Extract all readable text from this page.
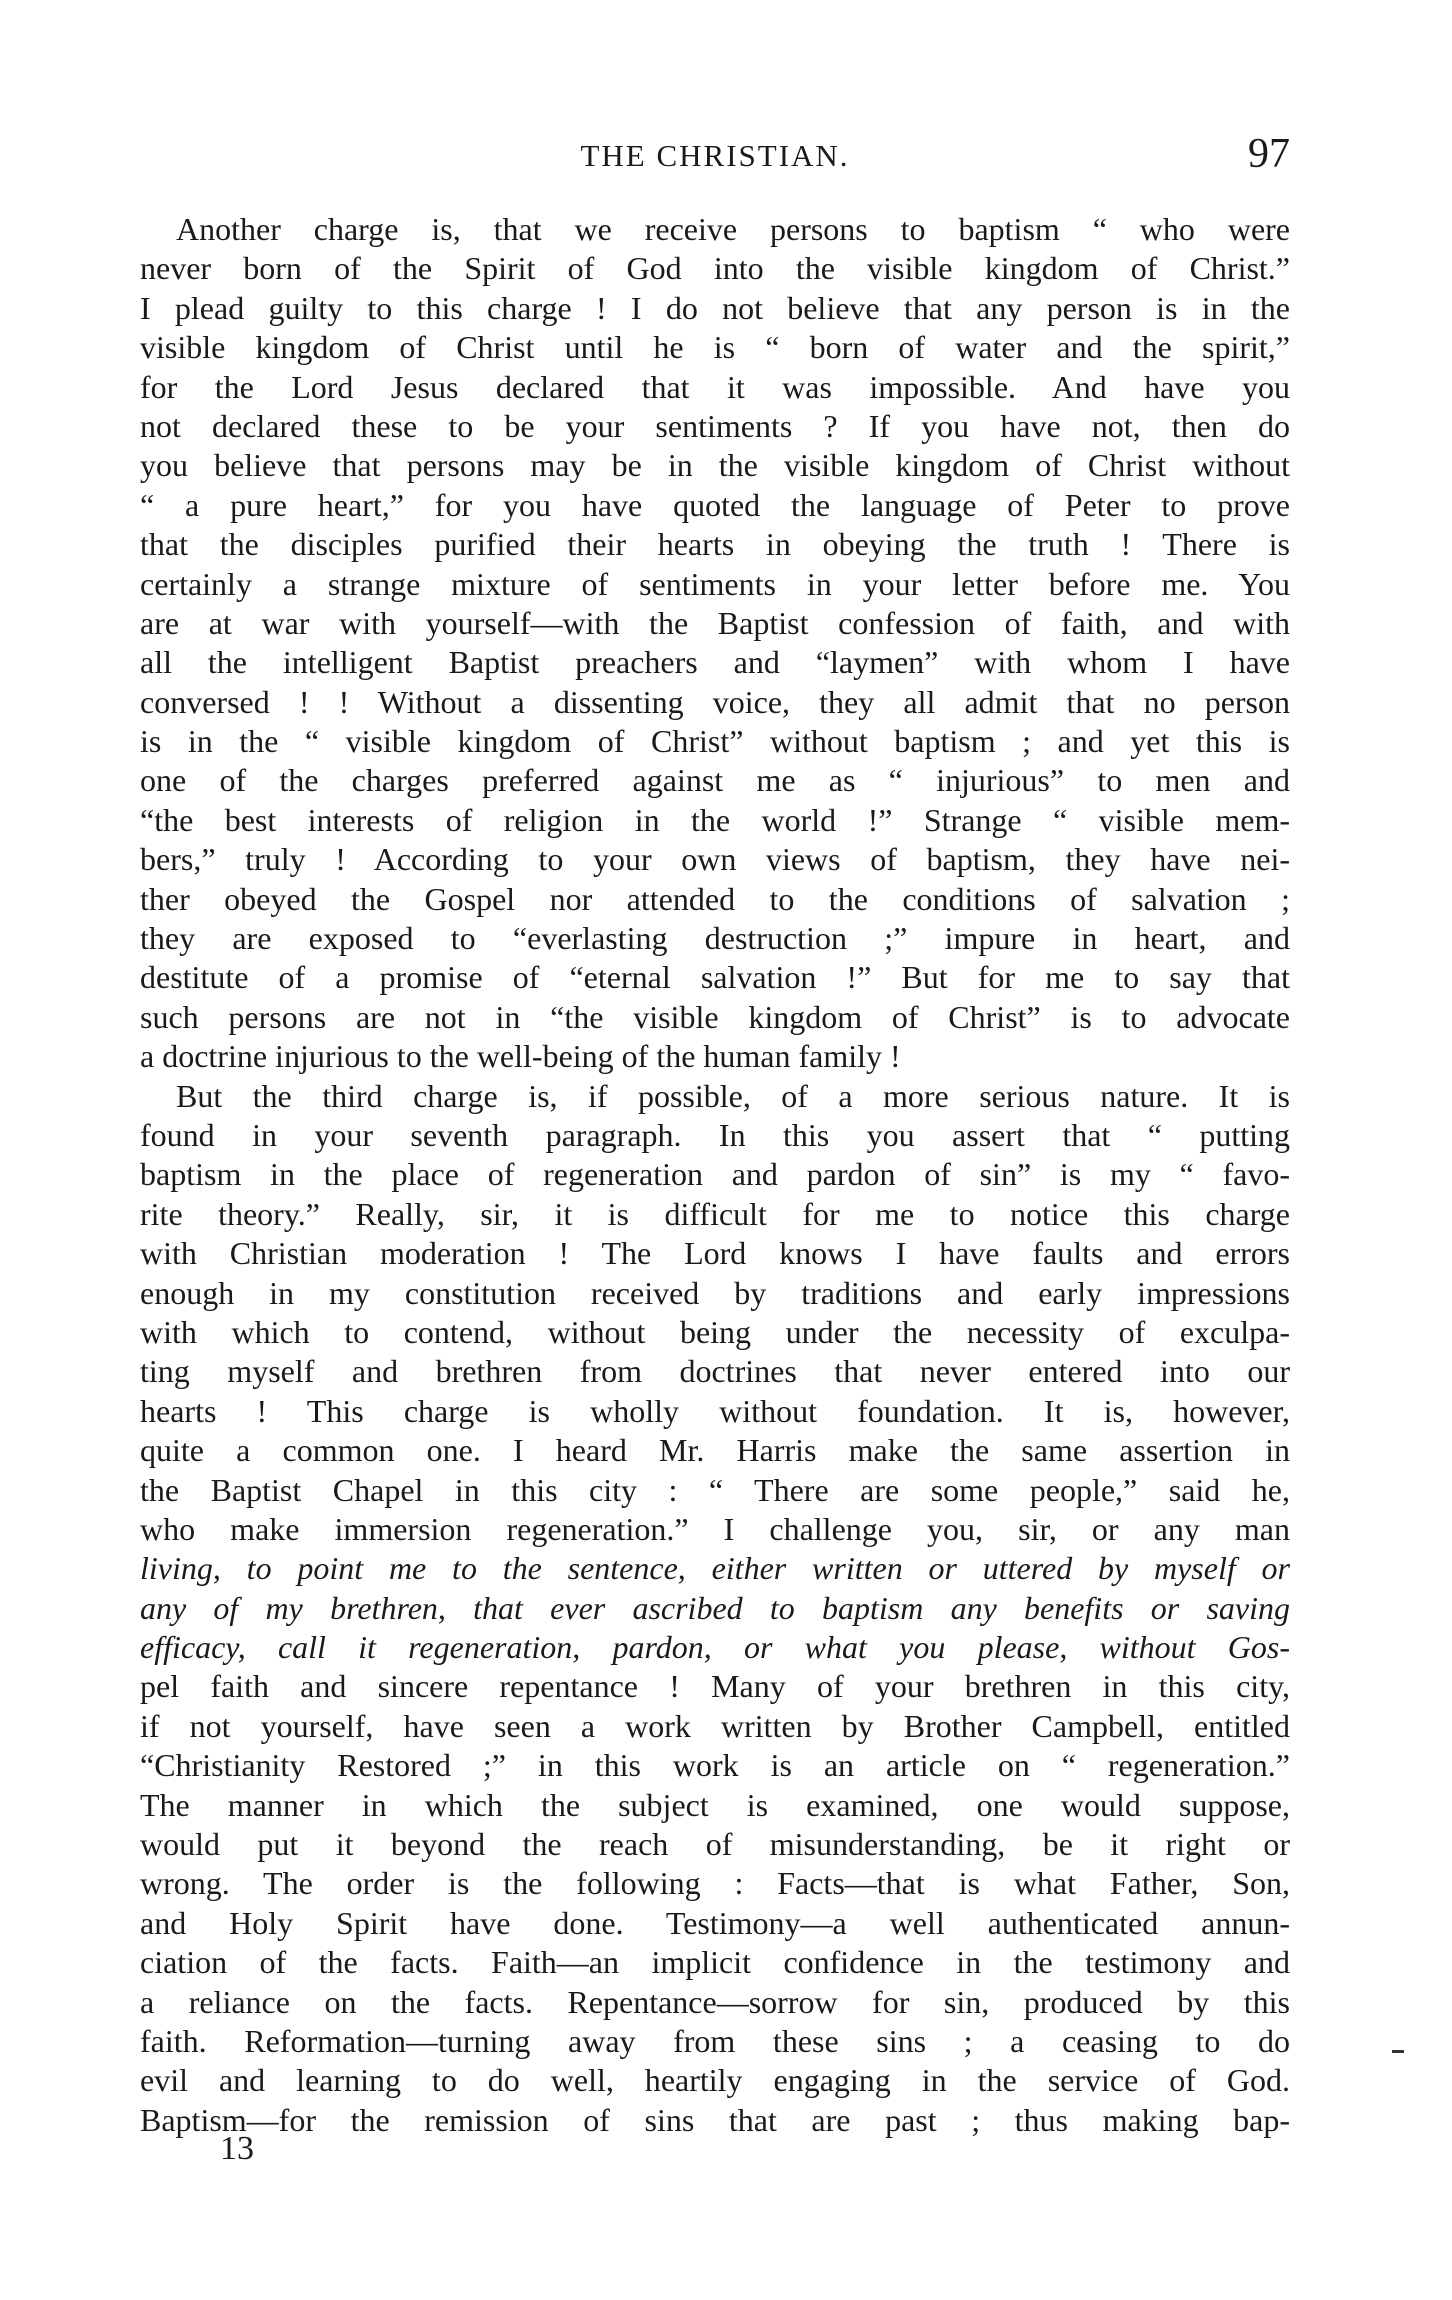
THE CHRISTIAN.	97
Another charge is, that we receive persons to baptism “ who were
never born of the Spirit of God into the visible kingdom of Christ.”
I plead guilty to this charge ! I do not believe that any person is in the
visible kingdom of Christ until he is “ born of water and the spirit,”
for the Lord Jesus declared that it was impossible. And have you
not declared these to be your sentiments ? If you have not, then do
you believe that persons may be in the visible kingdom of Christ without
“ a pure heart,” for you have quoted the language of Peter to prove
that the disciples purified their hearts in obeying the truth ! There is
certainly a strange mixture of sentiments in your letter before me. You
are at war with yourself—with the Baptist confession of faith, and with
all the intelligent Baptist preachers and “laymen” with whom I have
conversed ! ! Without a dissenting voice, they all admit that no person
is in the “ visible kingdom of Christ” without baptism ; and yet this is
one of the charges preferred against me as “ injurious” to men and
“the best interests of religion in the world !” Strange “ visible mem-
bers,” truly ! According to your own views of baptism, they have nei-
ther obeyed the Gospel nor attended to the conditions of salvation ;
they are exposed to “everlasting destruction ;” impure in heart, and
destitute of a promise of “eternal salvation !” But for me to say that
such persons are not in “the visible kingdom of Christ” is to advocate
a doctrine injurious to the well-being of the human family !
But the third charge is, if possible, of a more serious nature. It is
found in your seventh paragraph. In this you assert that “ putting
baptism in the place of regeneration and pardon of sin” is my “ favo-
rite theory.” Really, sir, it is difficult for me to notice this charge
with Christian moderation ! The Lord knows I have faults and errors
enough in my constitution received by traditions and early impressions
with which to contend, without being under the necessity of exculpa-
ting myself and brethren from doctrines that never entered into our
hearts ! This charge is wholly without foundation. It is, however,
quite a common one. I heard Mr. Harris make the same assertion in
the Baptist Chapel in this city : “ There are some people,” said he,
who make immersion regeneration.” I challenge you, sir, or any man
living, to point me to the sentence, either written or uttered by myself or
any of my brethren, that ever ascribed to baptism any benefits or saving
efficacy, call it regeneration, pardon, or what you please, without Gos-
pel faith and sincere repentance ! Many of your brethren in this city,
if not yourself, have seen a work written by Brother Campbell, entitled
“Christianity Restored ;” in this work is an article on “ regeneration.”
The manner in which the subject is examined, one would suppose,
would put it beyond the reach of misunderstanding, be it right or
wrong. The order is the following : Facts—that is what Father, Son,
and Holy Spirit have done. Testimony—a well authenticated annun-
ciation of the facts. Faith—an implicit confidence in the testimony and
a reliance on the facts. Repentance—sorrow for sin, produced by this
faith. Reformation—turning away from these sins ; a ceasing to do
evil and learning to do well, heartily engaging in the service of God.
Baptism—for the remission of sins that are past ; thus making bap-
13
